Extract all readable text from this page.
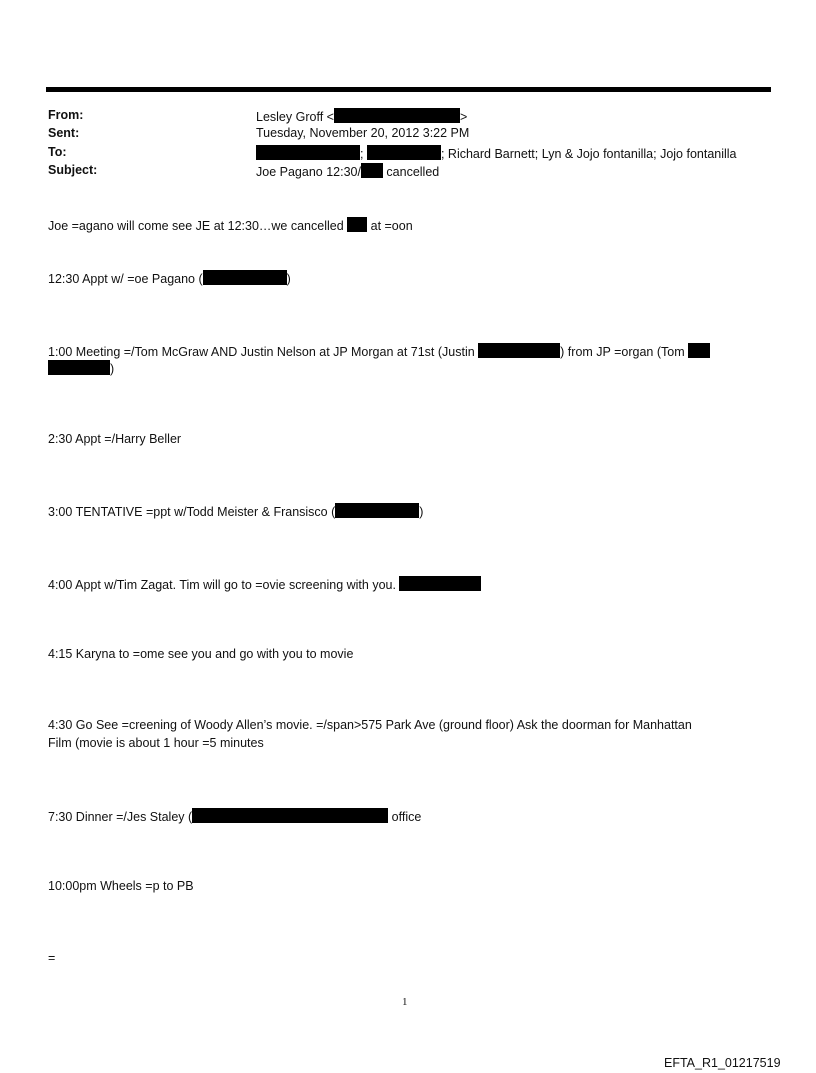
From:	Lesley Groff <	>
Sent:	Tuesday, November 20, 2012 3:22 PM
To:	;	; Richard Barnett; Lyn & Jojo fontanilla; Jojo fontanilla
Subject:	Joe Pagano 12:30/ cancelled
Joe =agano will come see JE at 12:30…we cancelled  at =oon
12:30 Appt w/ =oe Pagano (	)
1:00 Meeting =/Tom McGraw AND Justin Nelson at JP Morgan at 71st (Justin	) from JP =organ (Tom
)
2:30 Appt =/Harry Beller
3:00 TENTATIVE =ppt w/Todd Meister & Fransisco (	)
4:00 Appt w/Tim Zagat. Tim will go to =ovie screening with you.
4:15 Karyna to =ome see you and go with you to movie
4:30 Go See =creening of Woody Allen’s movie. =/span>575 Park Ave (ground floor) Ask the doorman for Manhattan
Film (movie is about 1 hour =5 minutes
7:30 Dinner =/Jes Staley (	office
10:00pm Wheels =p to PB
=
1
EFTA_R1_01217519
